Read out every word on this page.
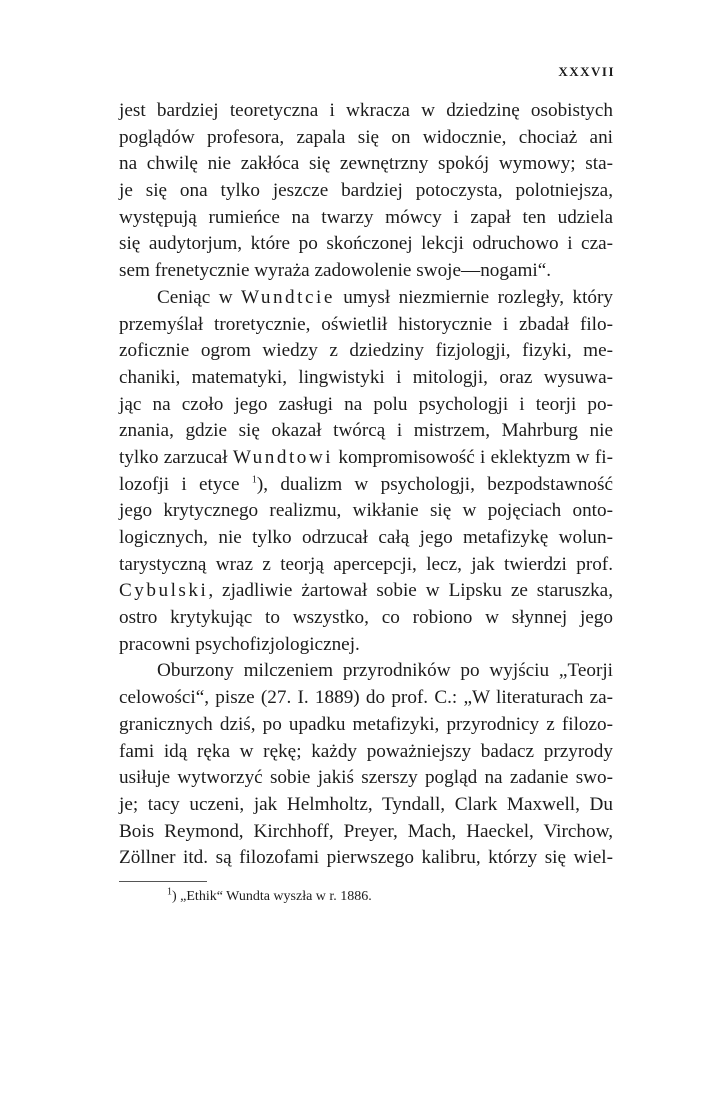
XXXVII
jest bardziej teoretyczna i wkracza w dziedzinę osobistych
poglądów profesora, zapala się on widocznie, chociaż ani
na chwilę nie zakłóca się zewnętrzny spokój wymowy; sta-
je się ona tylko jeszcze bardziej potoczysta, polotniejsza,
występują rumieńce na twarzy mówcy i zapał ten udziela
się audytorjum, które po skończonej lekcji odruchowo i cza-
sem frenetycznie wyraża zadowolenie swoje—nogami“.
Ceniąc w Wundtcie umysł niezmiernie rozległy, który
przemyślał troretycznie, oświetlił historycznie i zbadał filo-
zoficznie ogrom wiedzy z dziedziny fizjologji, fizyki, me-
chaniki, matematyki, lingwistyki i mitologji, oraz wysuwa-
jąc na czoło jego zasługi na polu psychologji i teorji po-
znania, gdzie się okazał twórcą i mistrzem, Mahrburg nie
tylko zarzucał Wundtowi kompromisowość i eklektyzm w fi-
lozofji i etyce $^1$), dualizm w psychologji, bezpodstawność
jego krytycznego realizmu, wikłanie się w pojęciach onto-
logicznych, nie tylko odrzucał całą jego metafizykę wolun-
tarystyczną wraz z teorją apercepcji, lecz, jak twierdzi prof.
Cybulski, zjadliwie żartował sobie w Lipsku ze staruszka,
ostro krytykując to wszystko, co robiono w słynnej jego
pracowni psychofizjologicznej.
Oburzony milczeniem przyrodników po wyjściu „Teorji
celowości“, pisze (27. I. 1889) do prof. C.: „W literaturach za-
granicznych dziś, po upadku metafizyki, przyrodnicy z filozo-
fami idą ręka w rękę; każdy poważniejszy badacz przyrody
usiłuje wytworzyć sobie jakiś szerszy pogląd na zadanie swo-
je; tacy uczeni, jak Helmholtz, Tyndall, Clark Maxwell, Du
Bois Reymond, Kirchhoff, Preyer, Mach, Haeckel, Virchow,
Zöllner itd. są filozofami pierwszego kalibru, którzy się wiel-
$^1$) „Ethik“ Wundta wyszła w r. 1886.
